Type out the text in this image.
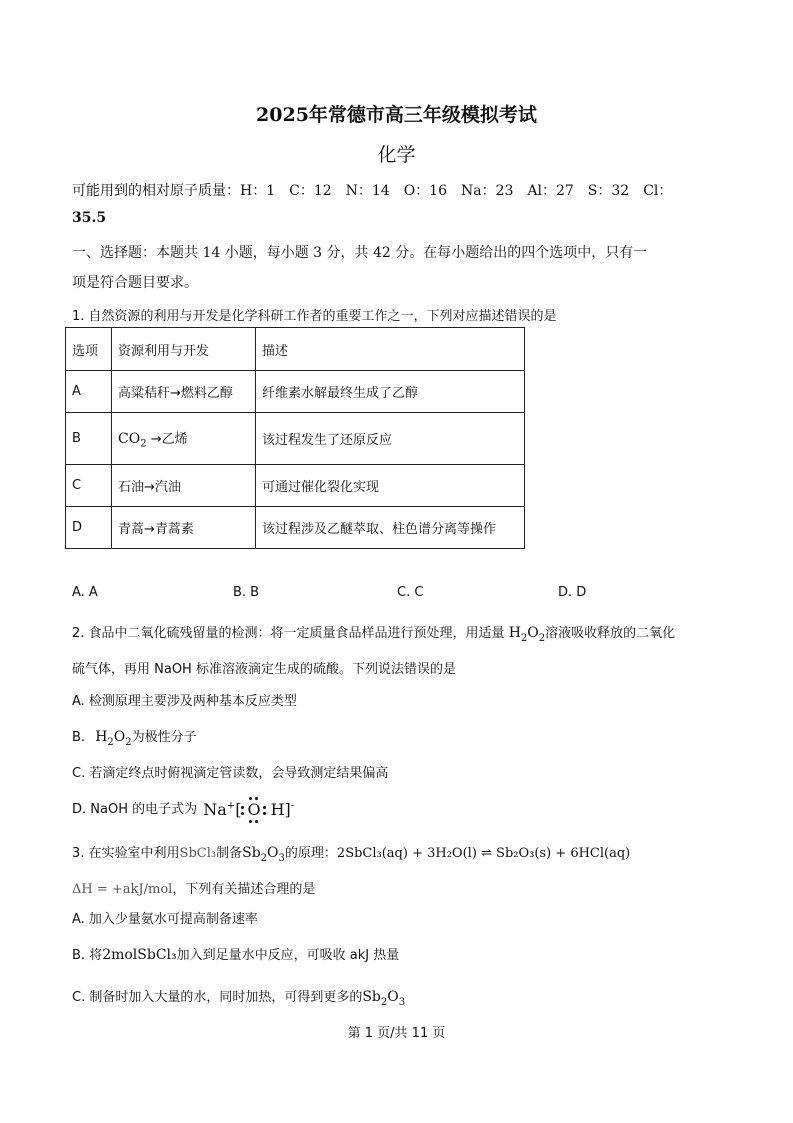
2025年常德市高三年级模拟考试
化学
可能用到的相对原子质量：H：1　C：12　N：14　O：16　Na：23　Al：27　S：32　Cl：
35.5
一、选择题：本题共 14 小题，每小题 3 分，共 42 分。在每小题给出的四个选项中，只有一
项是符合题目要求。
1. 自然资源的利用与开发是化学科研工作者的重要工作之一，下列对应描述错误的是
选项	资源利用与开发	描述
A	高粱秸秆→燃料乙醇	纤维素水解最终生成了乙醇
B	$CO_2$ →乙烯	该过程发生了还原反应
C	石油→汽油	可通过催化裂化实现
D	青蒿→青蒿素	该过程涉及乙醚萃取、柱色谱分离等操作
A. A	B. B	C. C	D. D
2. 食品中二氧化硫残留量的检测：将一定质量食品样品进行预处理，用适量 $H_2O_2$溶液吸收释放的二氧化
硫气体，再用 NaOH 标准溶液滴定生成的硫酸。下列说法错误的是
A. 检测原理主要涉及两种基本反应类型
B. $H_2O_2$为极性分子
C. 若滴定终点时俯视滴定管读数，会导致测定结果偏高
D. NaOH 的电子式为 Na+[ O H]-
3. 在实验室中利用SbCl₃制备$Sb_2O_3$的原理：2SbCl₃(aq) + 3H₂O(l) ⇌ Sb₂O₃(s) + 6HCl(aq)
ΔH = +akJ/mol，下列有关描述合理的是
A. 加入少量氨水可提高制备速率
B. 将2molSbCl₃加入到足量水中反应，可吸收 akJ 热量
C. 制备时加入大量的水，同时加热，可得到更多的$Sb_2O_3$
第 1 页/共 11 页
